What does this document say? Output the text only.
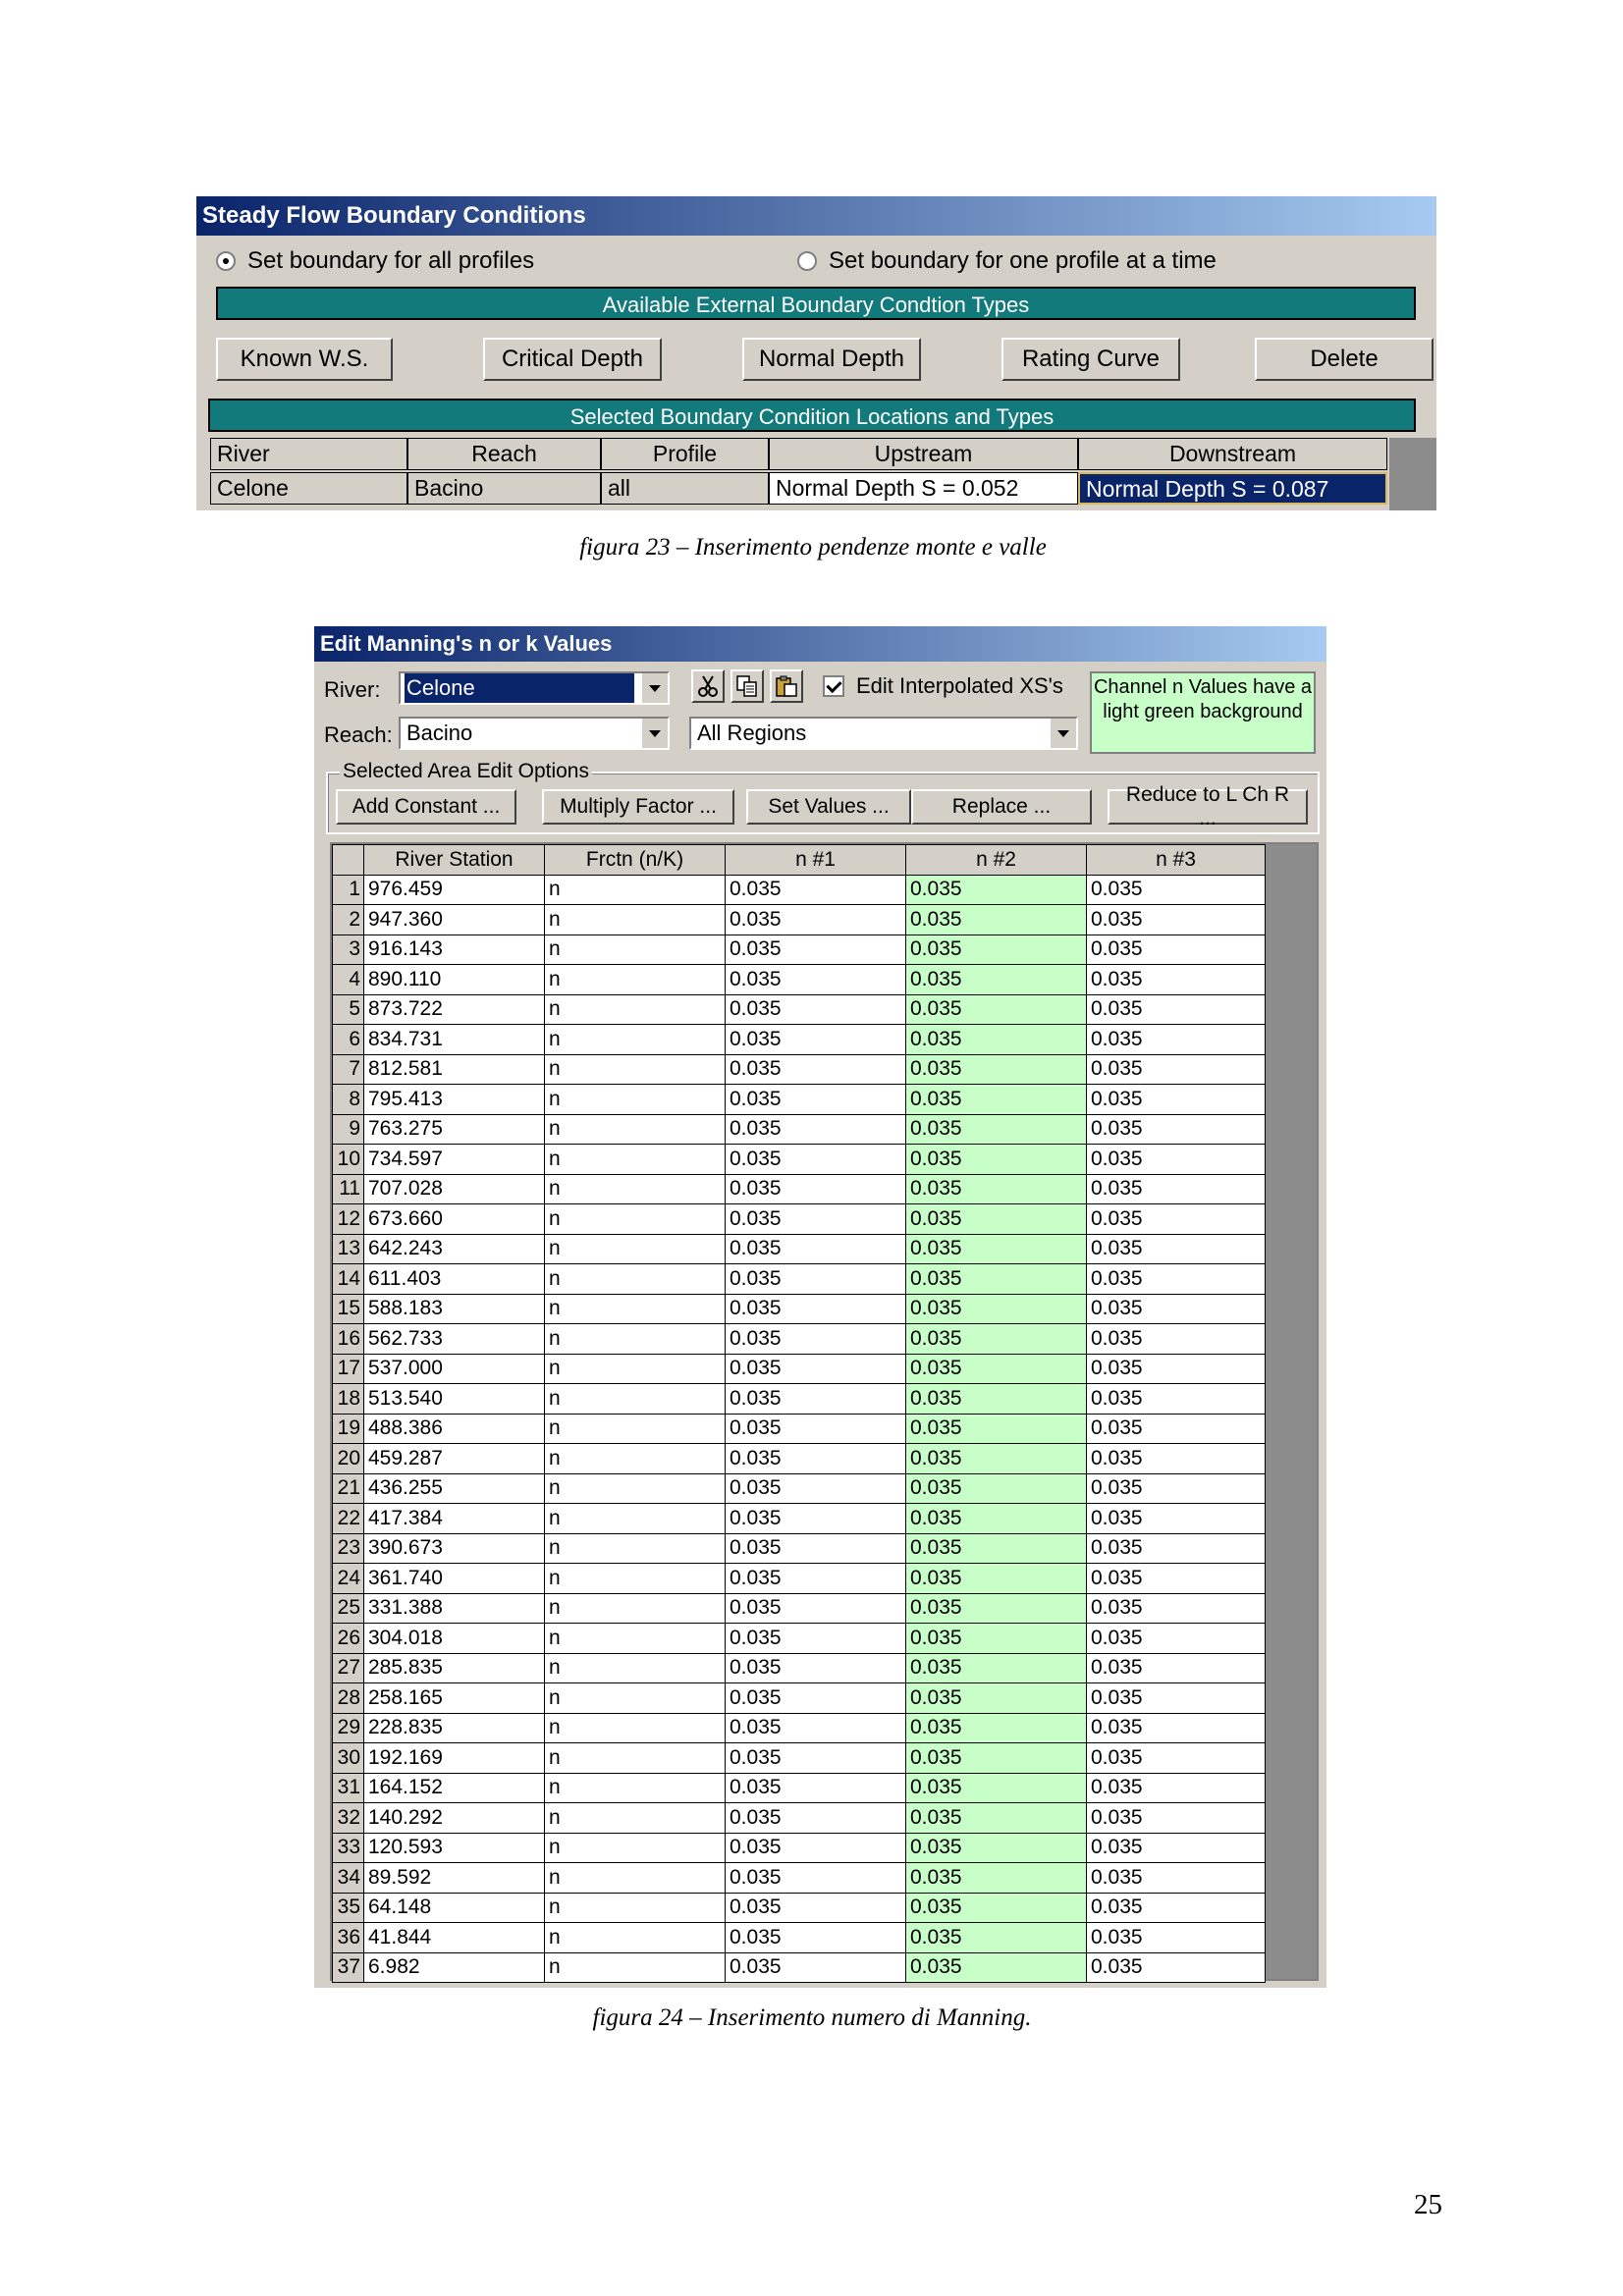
Steady Flow Boundary Conditions
Set boundary for all profiles	Set boundary for one profile at a time
Available External Boundary Condtion Types
Known W.S.	Critical Depth	Normal Depth	Rating Curve	Delete
Selected Boundary Condition Locations and Types
River	Reach	Profile	Upstream	Downstream
Celone	Bacino	all	Normal Depth S = 0.052	Normal Depth S = 0.087
figura 23 – Inserimento pendenze monte e valle
Edit Manning's n or k Values
River:	Celone
Reach: Bacino
Edit Interpolated XS's
All Regions
Channel n Values have a light green background
Selected Area Edit Options
Add Constant ...	Multiply Factor ...	Set Values ...	Replace ...
Reduce to L Ch R ...
	River Station	Frctn (n/K)	n #1	n #2	n #3
1	976.459	n	0.035	0.035	0.035
2	947.360	n	0.035	0.035	0.035
3	916.143	n	0.035	0.035	0.035
4	890.110	n	0.035	0.035	0.035
5	873.722	n	0.035	0.035	0.035
6	834.731	n	0.035	0.035	0.035
7	812.581	n	0.035	0.035	0.035
8	795.413	n	0.035	0.035	0.035
9	763.275	n	0.035	0.035	0.035
10	734.597	n	0.035	0.035	0.035
11	707.028	n	0.035	0.035	0.035
12	673.660	n	0.035	0.035	0.035
13	642.243	n	0.035	0.035	0.035
14	611.403	n	0.035	0.035	0.035
15	588.183	n	0.035	0.035	0.035
16	562.733	n	0.035	0.035	0.035
17	537.000	n	0.035	0.035	0.035
18	513.540	n	0.035	0.035	0.035
19	488.386	n	0.035	0.035	0.035
20	459.287	n	0.035	0.035	0.035
21	436.255	n	0.035	0.035	0.035
22	417.384	n	0.035	0.035	0.035
23	390.673	n	0.035	0.035	0.035
24	361.740	n	0.035	0.035	0.035
25	331.388	n	0.035	0.035	0.035
26	304.018	n	0.035	0.035	0.035
27	285.835	n	0.035	0.035	0.035
28	258.165	n	0.035	0.035	0.035
29	228.835	n	0.035	0.035	0.035
30	192.169	n	0.035	0.035	0.035
31	164.152	n	0.035	0.035	0.035
32	140.292	n	0.035	0.035	0.035
33	120.593	n	0.035	0.035	0.035
34	89.592	n	0.035	0.035	0.035
35	64.148	n	0.035	0.035	0.035
36	41.844	n	0.035	0.035	0.035
37	6.982	n	0.035	0.035	0.035
figura 24 – Inserimento numero di Manning.
25
